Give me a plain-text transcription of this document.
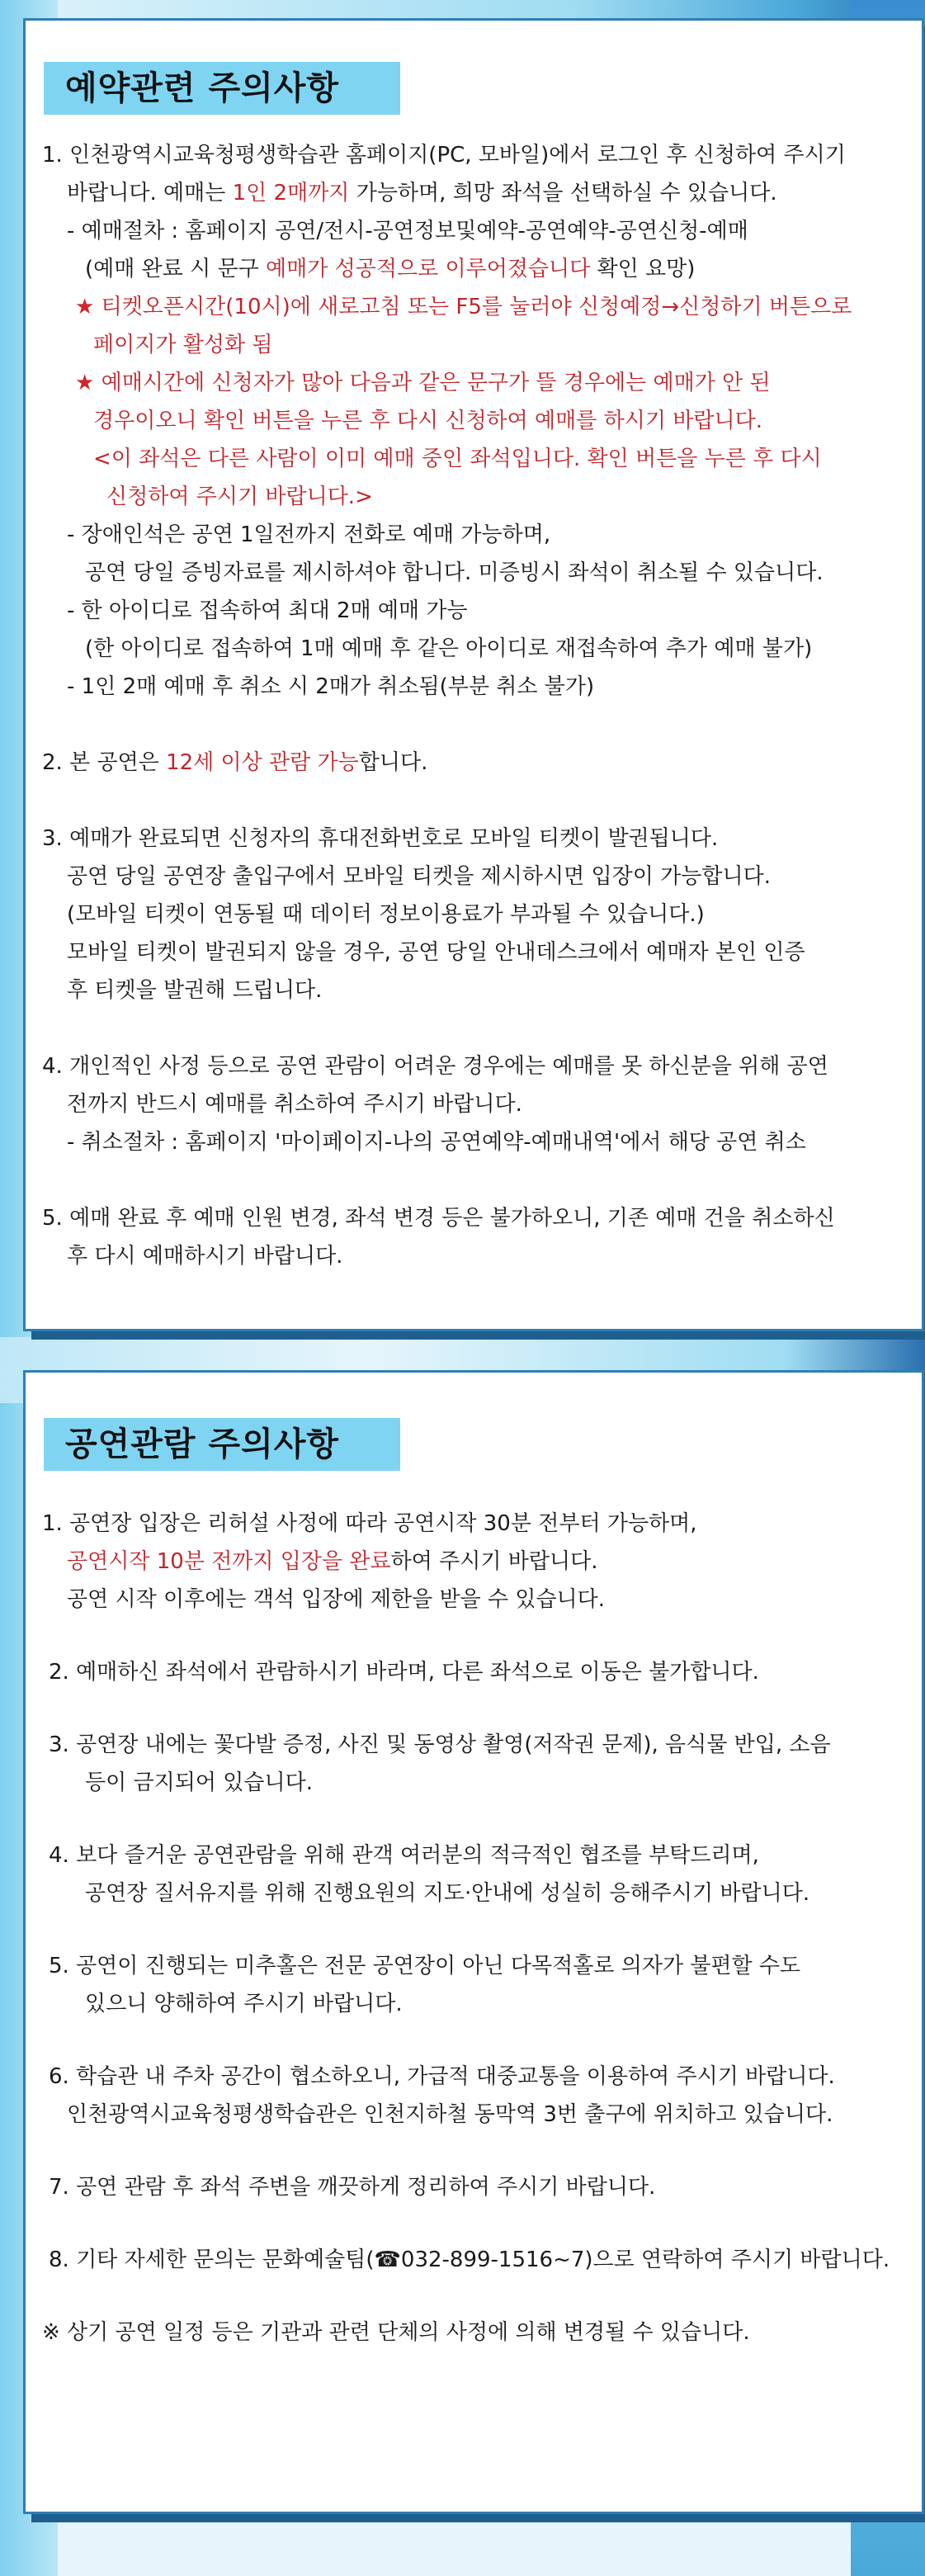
예약관련 주의사항
1. 인천광역시교육청평생학습관 홈페이지(PC, 모바일)에서 로그인 후 신청하여 주시기
바랍니다. 예매는 1인 2매까지 가능하며, 희망 좌석을 선택하실 수 있습니다.
- 예매절차 : 홈페이지 공연/전시-공연정보및예약-공연예약-공연신청-예매
(예매 완료 시 문구 예매가 성공적으로 이루어졌습니다 확인 요망)
★ 티켓오픈시간(10시)에 새로고침 또는 F5를 눌러야 신청예정→신청하기 버튼으로
페이지가 활성화 됨
★ 예매시간에 신청자가 많아 다음과 같은 문구가 뜰 경우에는 예매가 안 된
경우이오니 확인 버튼을 누른 후 다시 신청하여 예매를 하시기 바랍니다.
<이 좌석은 다른 사람이 이미 예매 중인 좌석입니다. 확인 버튼을 누른 후 다시
신청하여 주시기 바랍니다.>
- 장애인석은 공연 1일전까지 전화로 예매 가능하며,
공연 당일 증빙자료를 제시하셔야 합니다. 미증빙시 좌석이 취소될 수 있습니다.
- 한 아이디로 접속하여 최대 2매 예매 가능
(한 아이디로 접속하여 1매 예매 후 같은 아이디로 재접속하여 추가 예매 불가)
- 1인 2매 예매 후 취소 시 2매가 취소됨(부분 취소 불가)
2. 본 공연은 12세 이상 관람 가능합니다.
3. 예매가 완료되면 신청자의 휴대전화번호로 모바일 티켓이 발권됩니다.
공연 당일 공연장 출입구에서 모바일 티켓을 제시하시면 입장이 가능합니다.
(모바일 티켓이 연동될 때 데이터 정보이용료가 부과될 수 있습니다.)
모바일 티켓이 발권되지 않을 경우, 공연 당일 안내데스크에서 예매자 본인 인증
후 티켓을 발권해 드립니다.
4. 개인적인 사정 등으로 공연 관람이 어려운 경우에는 예매를 못 하신분을 위해 공연
전까지 반드시 예매를 취소하여 주시기 바랍니다.
- 취소절차 : 홈페이지 '마이페이지-나의 공연예약-예매내역'에서 해당 공연 취소
5. 예매 완료 후 예매 인원 변경, 좌석 변경 등은 불가하오니, 기존 예매 건을 취소하신
후 다시 예매하시기 바랍니다.
공연관람 주의사항
1. 공연장 입장은 리허설 사정에 따라 공연시작 30분 전부터 가능하며,
공연시작 10분 전까지 입장을 완료하여 주시기 바랍니다.
공연 시작 이후에는 객석 입장에 제한을 받을 수 있습니다.
2. 예매하신 좌석에서 관람하시기 바라며, 다른 좌석으로 이동은 불가합니다.
3. 공연장 내에는 꽃다발 증정, 사진 및 동영상 촬영(저작권 문제), 음식물 반입, 소음
등이 금지되어 있습니다.
4. 보다 즐거운 공연관람을 위해 관객 여러분의 적극적인 협조를 부탁드리며,
공연장 질서유지를 위해 진행요원의 지도·안내에 성실히 응해주시기 바랍니다.
5. 공연이 진행되는 미추홀은 전문 공연장이 아닌 다목적홀로 의자가 불편할 수도
있으니 양해하여 주시기 바랍니다.
6. 학습관 내 주차 공간이 협소하오니, 가급적 대중교통을 이용하여 주시기 바랍니다.
인천광역시교육청평생학습관은 인천지하철 동막역 3번 출구에 위치하고 있습니다.
7. 공연 관람 후 좌석 주변을 깨끗하게 정리하여 주시기 바랍니다.
8. 기타 자세한 문의는 문화예술팀(☎032-899-1516~7)으로 연락하여 주시기 바랍니다.
※ 상기 공연 일정 등은 기관과 관련 단체의 사정에 의해 변경될 수 있습니다.
